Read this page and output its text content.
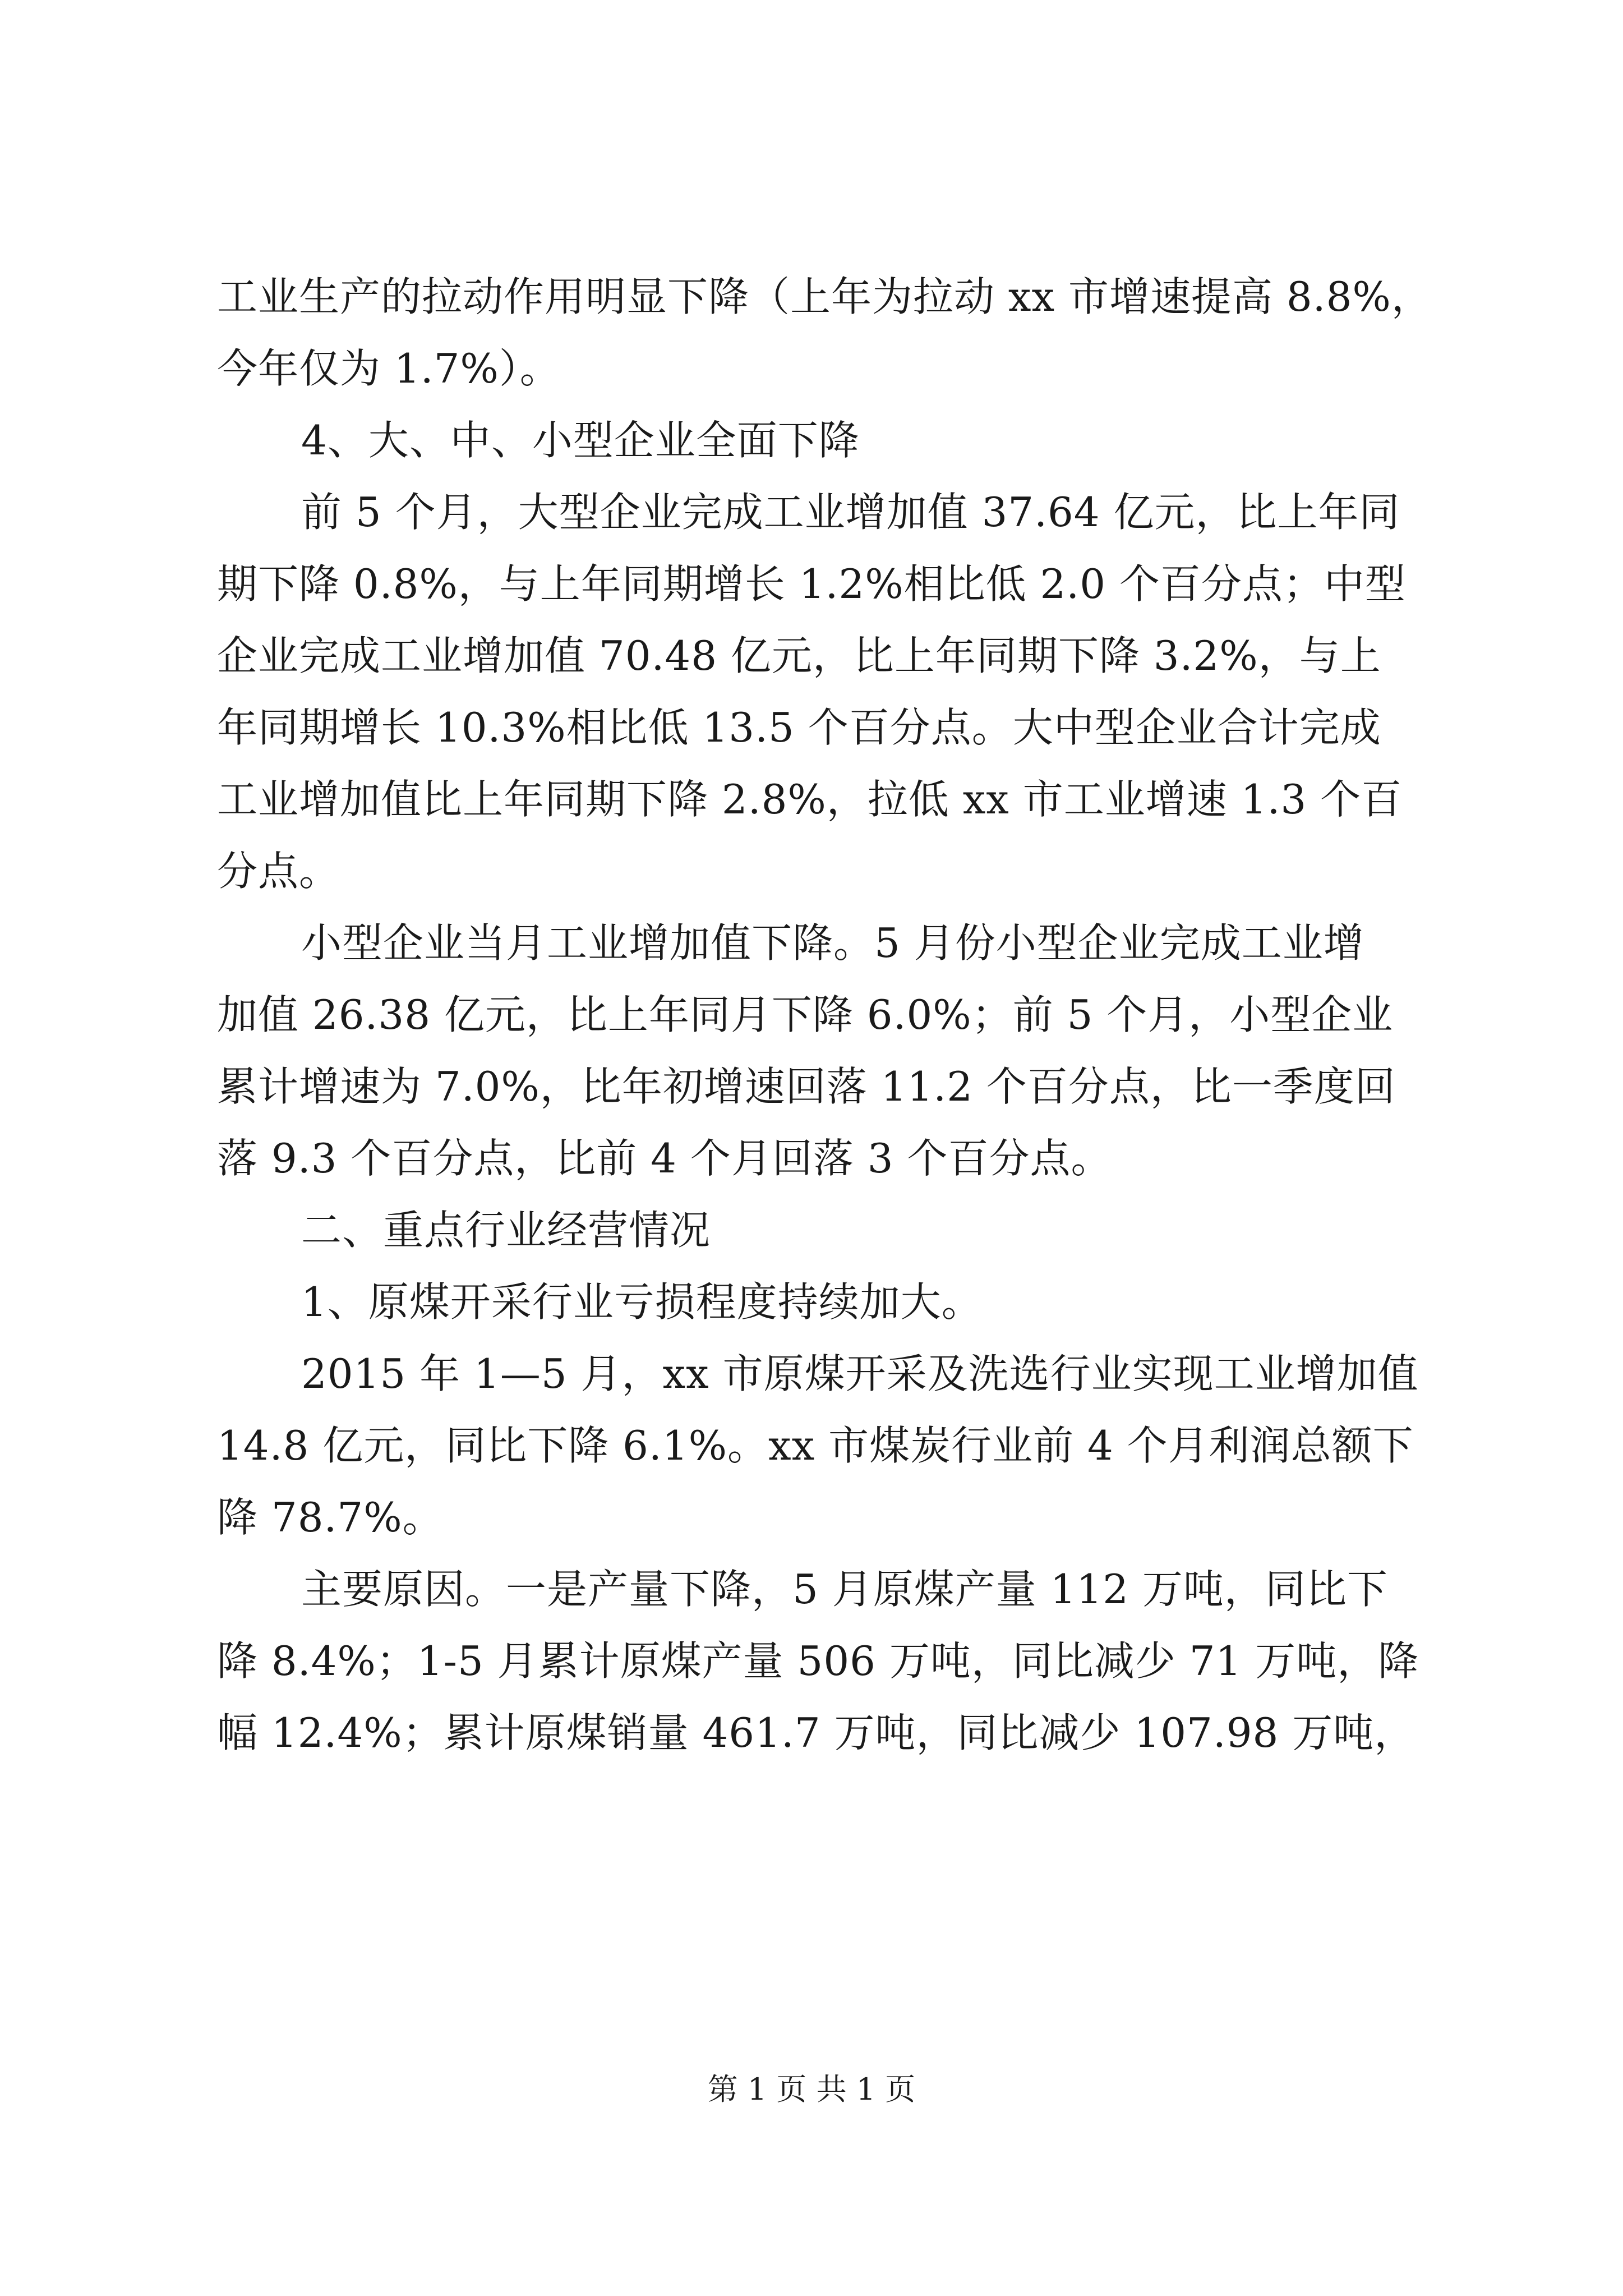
工业生产的拉动作用明显下降（上年为拉动 xx 市增速提高 8.8%，
今年仅为 1.7%）。
4、大、中、小型企业全面下降
前 5 个月，大型企业完成工业增加值 37.64 亿元，比上年同
期下降 0.8%，与上年同期增长 1.2%相比低 2.0 个百分点；中型
企业完成工业增加值 70.48 亿元，比上年同期下降 3.2%，与上
年同期增长 10.3%相比低 13.5 个百分点。大中型企业合计完成
工业增加值比上年同期下降 2.8%，拉低 xx 市工业增速 1.3 个百
分点。
小型企业当月工业增加值下降。5 月份小型企业完成工业增
加值 26.38 亿元，比上年同月下降 6.0%；前 5 个月，小型企业
累计增速为 7.0%，比年初增速回落 11.2 个百分点，比一季度回
落 9.3 个百分点，比前 4 个月回落 3 个百分点。
二、重点行业经营情况
1、原煤开采行业亏损程度持续加大。
2015 年 1—5 月，xx 市原煤开采及洗选行业实现工业增加值
14.8 亿元，同比下降 6.1%。xx 市煤炭行业前 4 个月利润总额下
降 78.7%。
主要原因。一是产量下降，5 月原煤产量 112 万吨，同比下
降 8.4%；1-5 月累计原煤产量 506 万吨，同比减少 71 万吨，降
幅 12.4%；累计原煤销量 461.7 万吨，同比减少 107.98 万吨，
第 1 页 共 1 页
